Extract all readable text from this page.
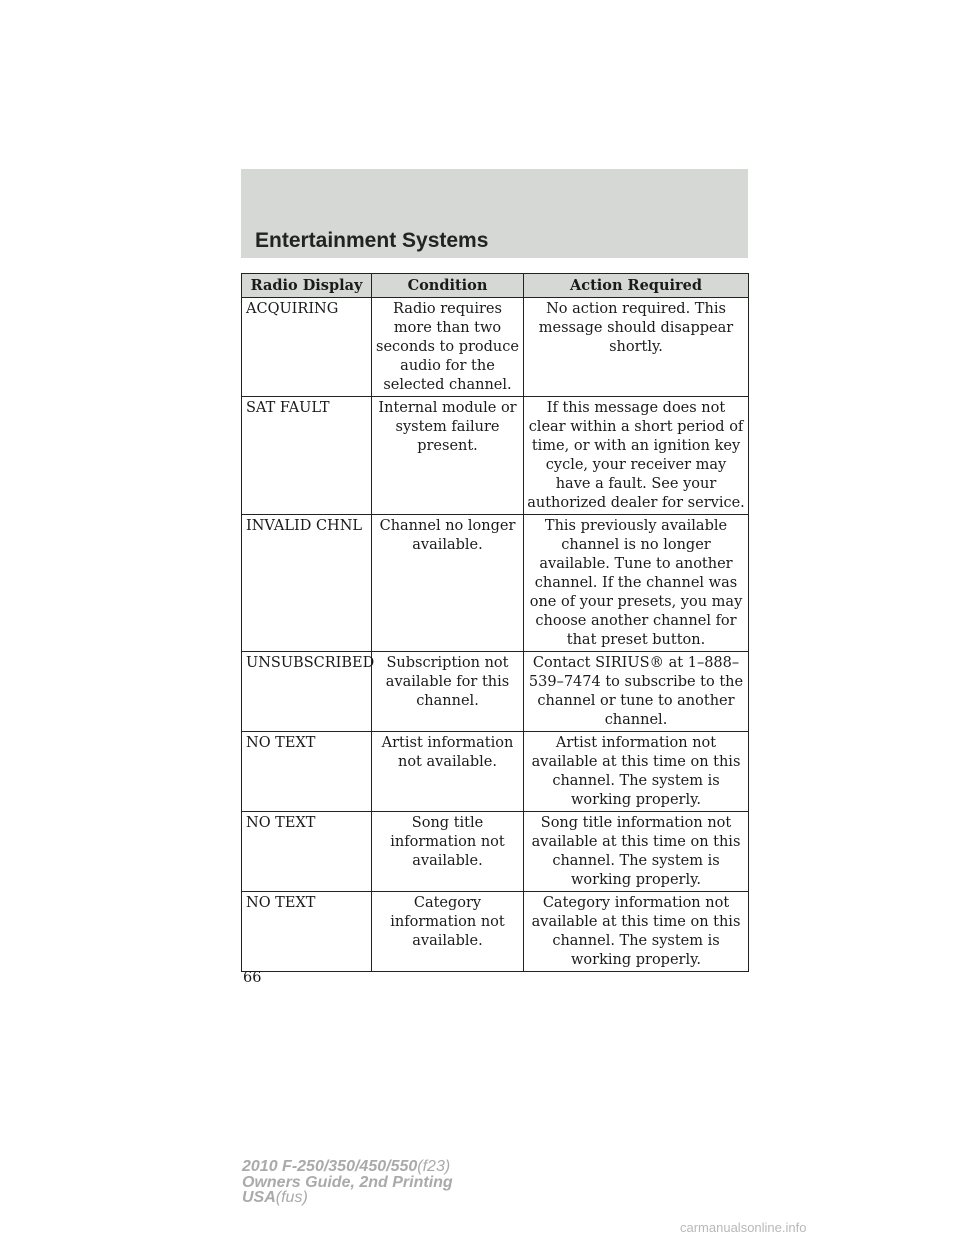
Entertainment Systems
Radio Display	Condition	Action Required
ACQUIRING	Radio requires more than two seconds to produce audio for the selected channel.	No action required. This message should disappear shortly.
SAT FAULT	Internal module or system failure present.	If this message does not clear within a short period of time, or with an ignition key cycle, your receiver may have a fault. See your authorized dealer for service.
INVALID CHNL	Channel no longer available.	This previously available channel is no longer available. Tune to another channel. If the channel was one of your presets, you may choose another channel for that preset button.
UNSUBSCRIBED	Subscription not available for this channel.	Contact SIRIUS® at 1–888–539–7474 to subscribe to the channel or tune to another channel.
NO TEXT	Artist information not available.	Artist information not available at this time on this channel. The system is working properly.
NO TEXT	Song title information not available.	Song title information not available at this time on this channel. The system is working properly.
NO TEXT	Category information not available.	Category information not available at this time on this channel. The system is working properly.
66
2010 F-250/350/450/550(f23)
Owners Guide, 2nd Printing
USA(fus)
carmanualsonline.info
